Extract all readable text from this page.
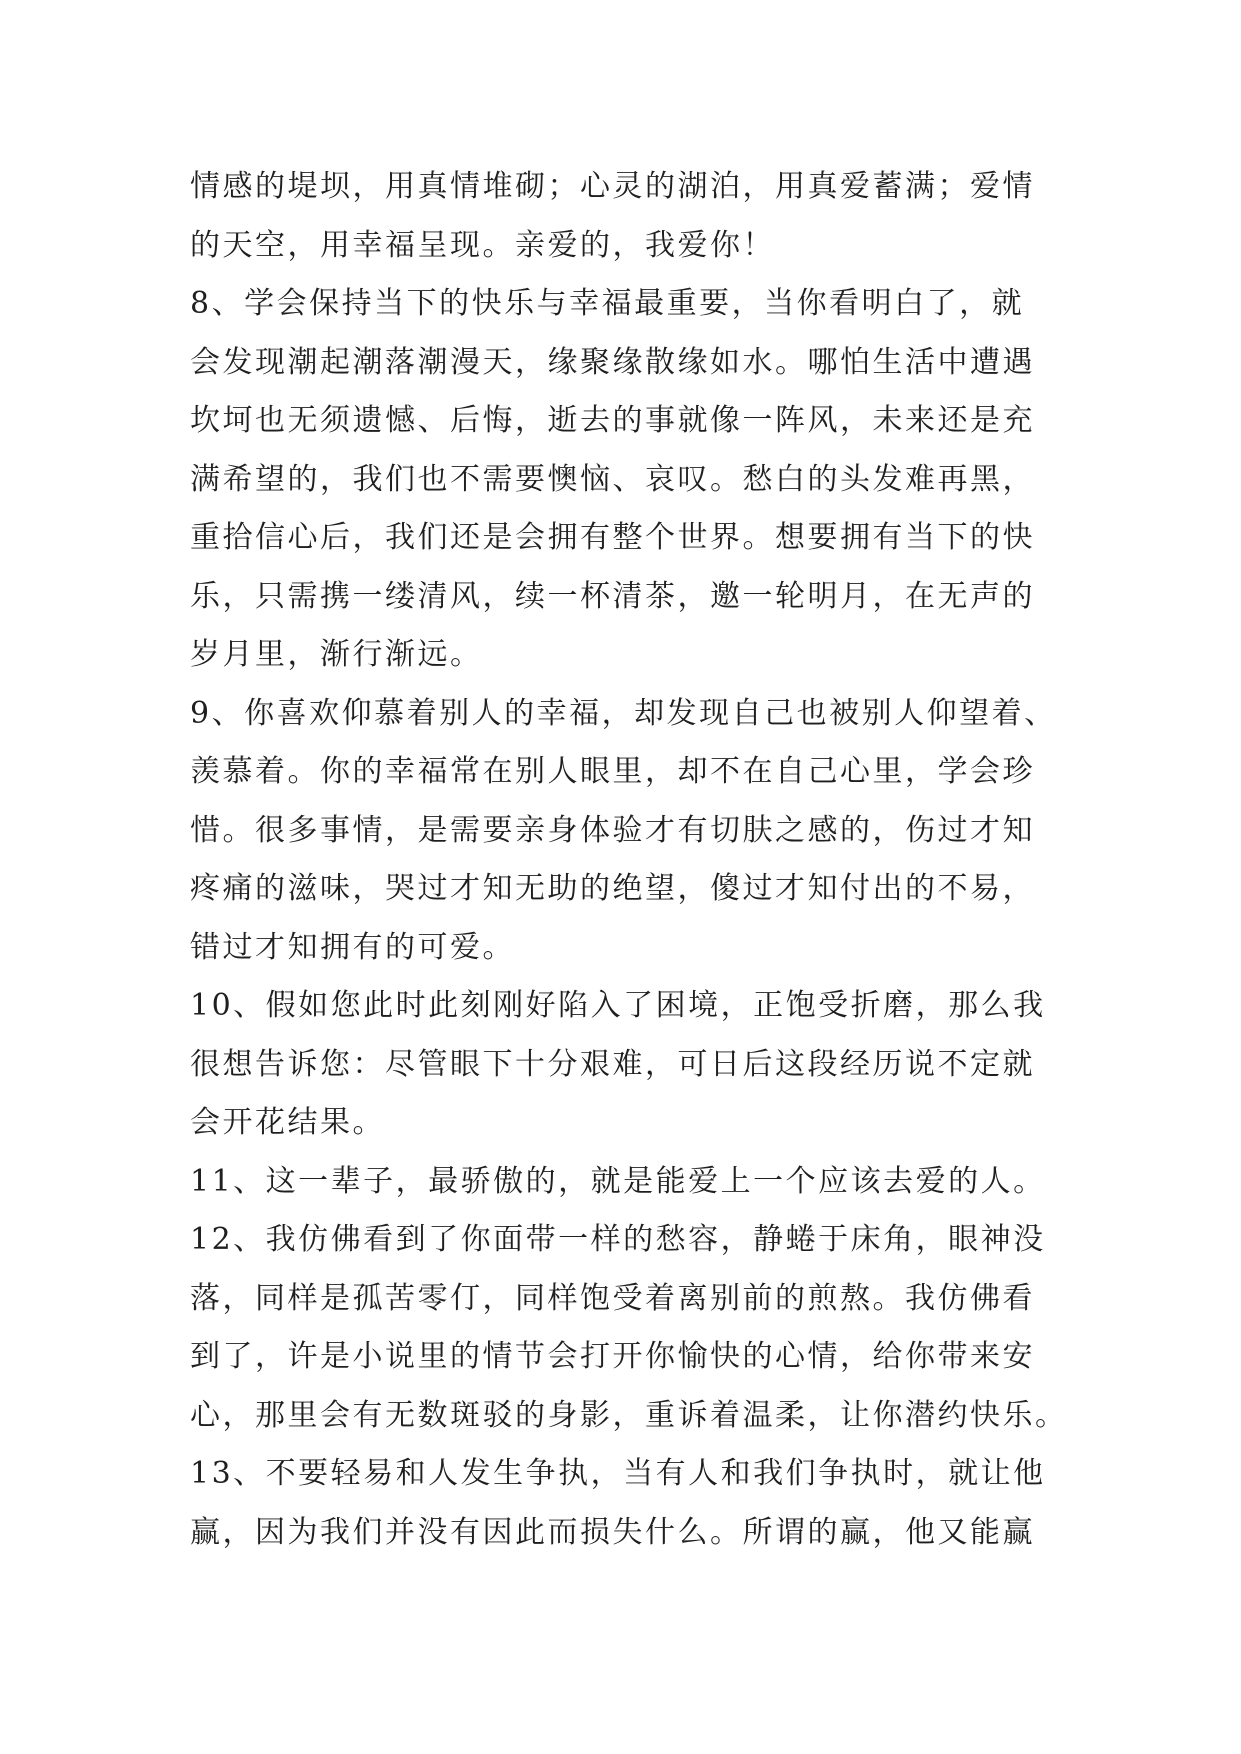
情感的堤坝，用真情堆砌；心灵的湖泊，用真爱蓄满；爱情
的天空，用幸福呈现。亲爱的，我爱你！
8、学会保持当下的快乐与幸福最重要，当你看明白了，就
会发现潮起潮落潮漫天，缘聚缘散缘如水。哪怕生活中遭遇
坎坷也无须遗憾、后悔，逝去的事就像一阵风，未来还是充
满希望的，我们也不需要懊恼、哀叹。愁白的头发难再黑，
重拾信心后，我们还是会拥有整个世界。想要拥有当下的快
乐，只需携一缕清风，续一杯清茶，邀一轮明月，在无声的
岁月里，渐行渐远。
9、你喜欢仰慕着别人的幸福，却发现自己也被别人仰望着、
羡慕着。你的幸福常在别人眼里，却不在自己心里，学会珍
惜。很多事情，是需要亲身体验才有切肤之感的，伤过才知
疼痛的滋味，哭过才知无助的绝望，傻过才知付出的不易，
错过才知拥有的可爱。
10、假如您此时此刻刚好陷入了困境，正饱受折磨，那么我
很想告诉您：尽管眼下十分艰难，可日后这段经历说不定就
会开花结果。
11、这一辈子，最骄傲的，就是能爱上一个应该去爱的人。
12、我仿佛看到了你面带一样的愁容，静蜷于床角，眼神没
落，同样是孤苦零仃，同样饱受着离别前的煎熬。我仿佛看
到了，许是小说里的情节会打开你愉快的心情，给你带来安
心，那里会有无数斑驳的身影，重诉着温柔，让你潜约快乐。
13、不要轻易和人发生争执，当有人和我们争执时，就让他
赢，因为我们并没有因此而损失什么。所谓的赢，他又能赢
